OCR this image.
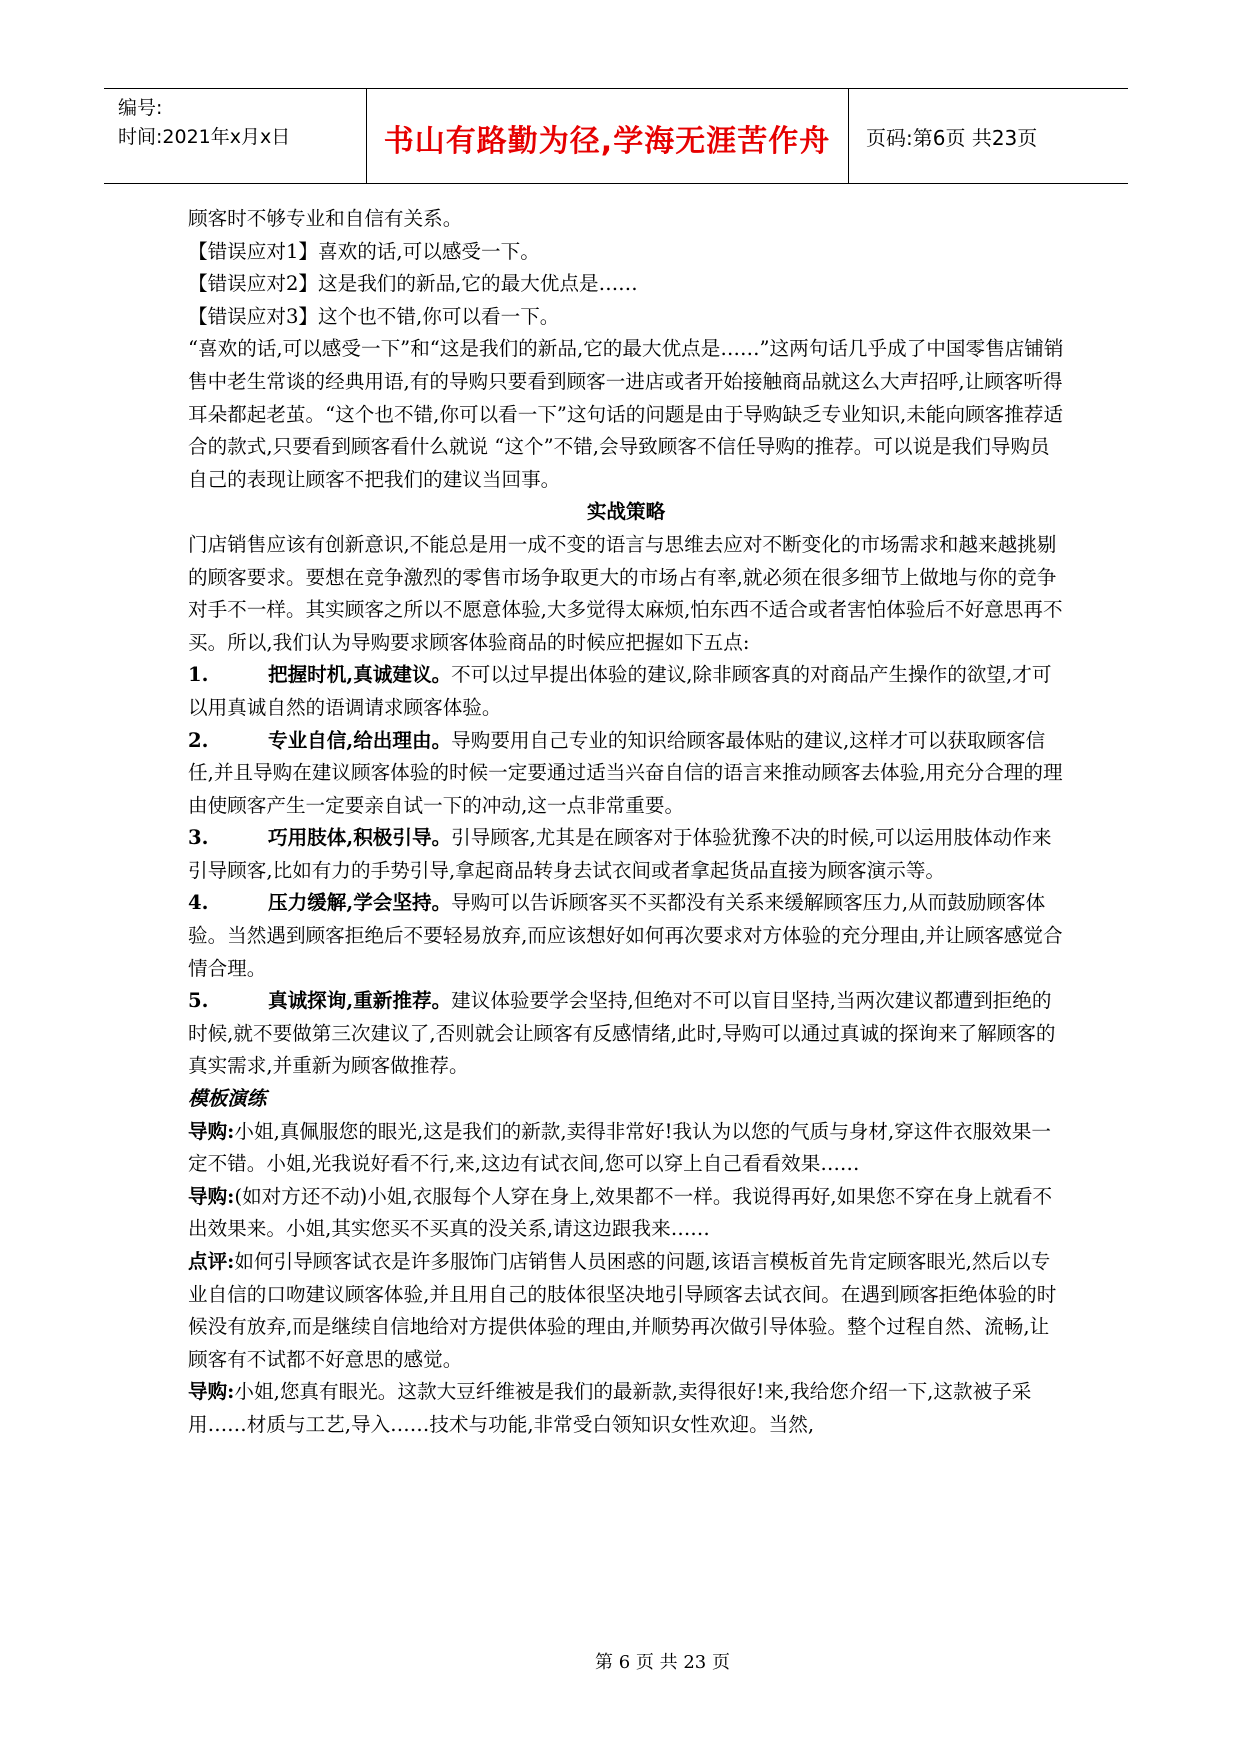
编号:
时间:2021年x月x日	书山有路勤为径,学海无涯苦作舟	页码:第6页 共23页

顾客时不够专业和自信有关系。

【错误应对1】喜欢的话,可以感受一下。

【错误应对2】这是我们的新品,它的最大优点是……

【错误应对3】这个也不错,你可以看一下。

“喜欢的话,可以感受一下”和“这是我们的新品,它的最大优点是……”这两句话几乎成了中国零售店铺销售中老生常谈的经典用语,有的导购只要看到顾客一进店或者开始接触商品就这么大声招呼,让顾客听得耳朵都起老茧。“这个也不错,你可以看一下”这句话的问题是由于导购缺乏专业知识,未能向顾客推荐适合的款式,只要看到顾客看什么就说 “这个”不错,会导致顾客不信任导购的推荐。可以说是我们导购员自己的表现让顾客不把我们的建议当回事。

实战策略

门店销售应该有创新意识,不能总是用一成不变的语言与思维去应对不断变化的市场需求和越来越挑剔的顾客要求。要想在竞争激烈的零售市场争取更大的市场占有率,就必须在很多细节上做地与你的竞争对手不一样。其实顾客之所以不愿意体验,大多觉得太麻烦,怕东西不适合或者害怕体验后不好意思再不买。所以,我们认为导购要求顾客体验商品的时候应把握如下五点:

1.	把握时机,真诚建议。不可以过早提出体验的建议,除非顾客真的对商品产生操作的欲望,才可以用真诚自然的语调请求顾客体验。

2.	专业自信,给出理由。导购要用自己专业的知识给顾客最体贴的建议,这样才可以获取顾客信任,并且导购在建议顾客体验的时候一定要通过适当兴奋自信的语言来推动顾客去体验,用充分合理的理由使顾客产生一定要亲自试一下的冲动,这一点非常重要。

3.	巧用肢体,积极引导。引导顾客,尤其是在顾客对于体验犹豫不决的时候,可以运用肢体动作来引导顾客,比如有力的手势引导,拿起商品转身去试衣间或者拿起货品直接为顾客演示等。

4.	压力缓解,学会坚持。导购可以告诉顾客买不买都没有关系来缓解顾客压力,从而鼓励顾客体验。当然遇到顾客拒绝后不要轻易放弃,而应该想好如何再次要求对方体验的充分理由,并让顾客感觉合情合理。

5.	真诚探询,重新推荐。建议体验要学会坚持,但绝对不可以盲目坚持,当两次建议都遭到拒绝的时候,就不要做第三次建议了,否则就会让顾客有反感情绪,此时,导购可以通过真诚的探询来了解顾客的真实需求,并重新为顾客做推荐。

模板演练

导购:小姐,真佩服您的眼光,这是我们的新款,卖得非常好!我认为以您的气质与身材,穿这件衣服效果一定不错。小姐,光我说好看不行,来,这边有试衣间,您可以穿上自己看看效果……

导购:(如对方还不动)小姐,衣服每个人穿在身上,效果都不一样。我说得再好,如果您不穿在身上就看不出效果来。小姐,其实您买不买真的没关系,请这边跟我来……

点评:如何引导顾客试衣是许多服饰门店销售人员困惑的问题,该语言模板首先肯定顾客眼光,然后以专业自信的口吻建议顾客体验,并且用自己的肢体很坚决地引导顾客去试衣间。在遇到顾客拒绝体验的时候没有放弃,而是继续自信地给对方提供体验的理由,并顺势再次做引导体验。整个过程自然、流畅,让顾客有不试都不好意思的感觉。

导购:小姐,您真有眼光。这款大豆纤维被是我们的最新款,卖得很好!来,我给您介绍一下,这款被子采用……材质与工艺,导入……技术与功能,非常受白领知识女性欢迎。当然,

第 6 页 共 23 页
